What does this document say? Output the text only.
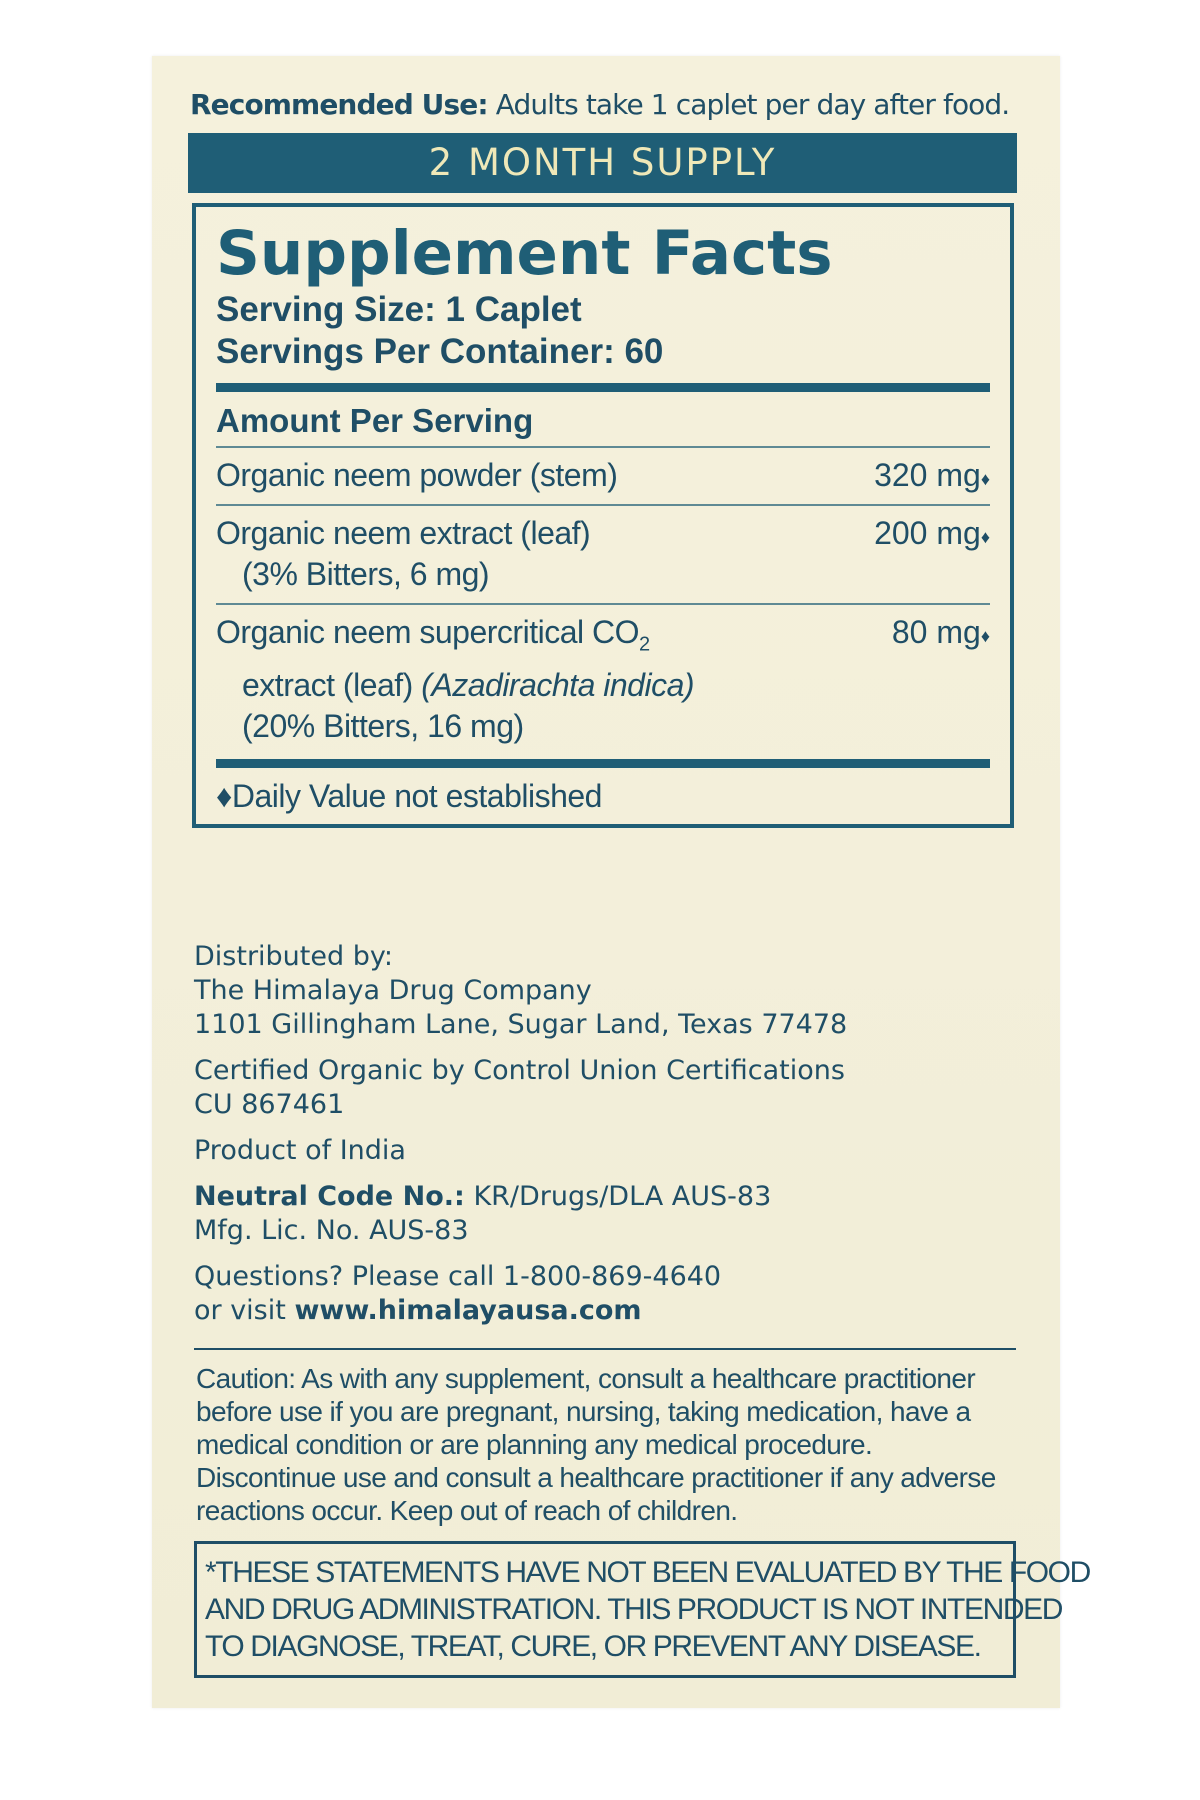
Recommended Use: Adults take 1 caplet per day after food.
2 MONTH SUPPLY
Supplement Facts
Serving Size: 1 Caplet
Servings Per Container: 60
Amount Per Serving
Organic neem powder (stem)	320 mg♦
Organic neem extract (leaf)
(3% Bitters, 6 mg)
200 mg♦
Organic neem supercritical $CO_2$
extract (leaf) (Azadirachta indica)
(20% Bitters, 16 mg)
80 mg♦
♦Daily Value not established

Distributed by:
The Himalaya Drug Company
1101 Gillingham Lane, Sugar Land, Texas 77478

Certified Organic by Control Union Certifications
CU 867461

Product of India

Neutral Code No.: KR/Drugs/DLA AUS-83
Mfg. Lic. No. AUS-83

Questions? Please call 1-800-869-4640
or visit www.himalayausa.com

Caution: As with any supplement, consult a healthcare practitioner before use if you are pregnant, nursing, taking medication, have a medical condition or are planning any medical procedure. Discontinue use and consult a healthcare practitioner if any adverse reactions occur. Keep out of reach of children.
*THESE STATEMENTS HAVE NOT BEEN EVALUATED BY THE FOOD
AND DRUG ADMINISTRATION. THIS PRODUCT IS NOT INTENDED
TO DIAGNOSE, TREAT, CURE, OR PREVENT ANY DISEASE.
